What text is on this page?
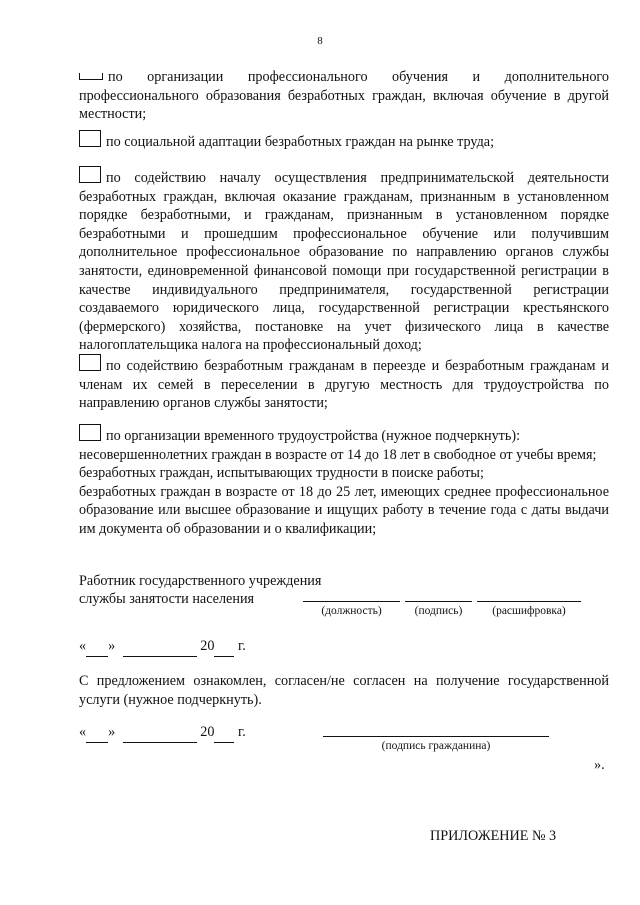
8

по организации профессионального обучения и дополнительного профессионального образования безработных граждан, включая обучение в другой местности;

по социальной адаптации безработных граждан на рынке труда;

по содействию началу осуществления предпринимательской деятельности безработных граждан, включая оказание гражданам, признанным в установленном порядке безработными, и гражданам, признанным в установленном порядке безработными и прошедшим профессиональное обучение или получившим дополнительное профессиональное образование по направлению органов службы занятости, единовременной финансовой помощи при государственной регистрации в качестве индивидуального предпринимателя, государственной регистрации создаваемого юридического лица, государственной регистрации крестьянского (фермерского) хозяйства, постановке на учет физического лица в качестве налогоплательщика налога на профессиональный доход;

по содействию безработным гражданам в переезде и безработным гражданам и членам их семей в переселении в другую местность для трудоустройства по направлению органов службы занятости;

по организации временного трудоустройства (нужное подчеркнуть):

несовершеннолетних граждан в возрасте от 14 до 18 лет в свободное от учебы время;

безработных граждан, испытывающих трудности в поиске работы;

безработных граждан в возрасте от 18 до 25 лет, имеющих среднее профессиональное образование или высшее образование и ищущих работу в течение года с даты выдачи им документа об образовании и о квалификации;

Работник государственного учреждения
службы занятости населения
(должность)	(подпись)	(расшифровка)
« »	20 г.
С предложением ознакомлен, согласен/не согласен на получение государственной услуги (нужное подчеркнуть).
« »	20 г.
(подпись гражданина)
».
ПРИЛОЖЕНИЕ № 3
